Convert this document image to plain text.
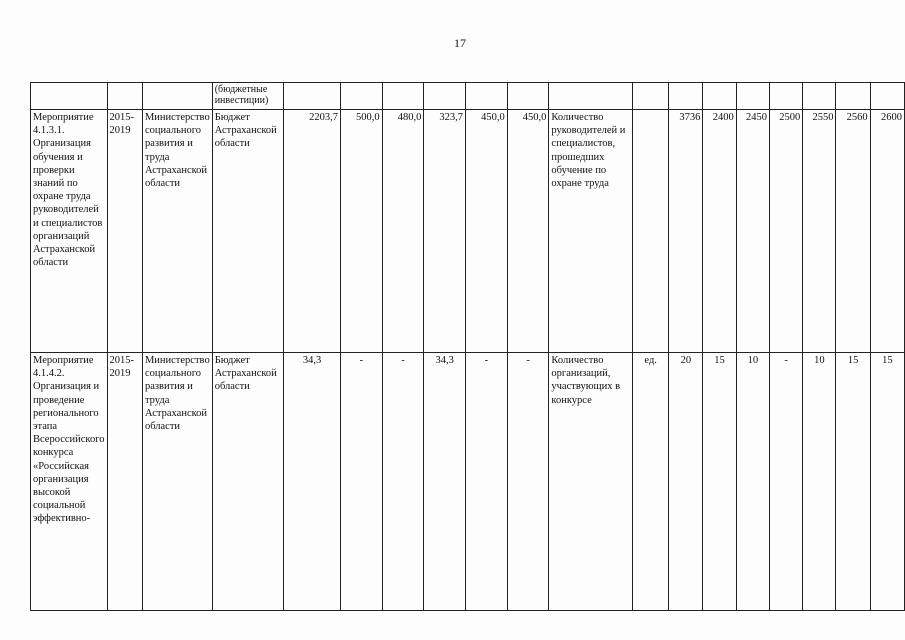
17
			(бюджетные инвестиции)															
Мероприятие 4.1.3.1. Организация обучения и проверки знаний по охране труда руководителей и специалистов организаций Астраханской области	2015-2019	Министерство социального развития и труда Астраханской области	Бюджет Астраханской области	2203,7	500,0	480,0	323,7	450,0	450,0	Количество руководителей и специалистов, прошедших обучение по охране труда		3736	2400	2450	2500	2550	2560	2600
Мероприятие 4.1.4.2. Организация и проведение регионального этапа Всероссийского конкурса «Российская организация высокой социальной эффективно-	2015-2019	Министерство социального развития и труда Астраханской области	Бюджет Астраханской области	34,3	-	-	34,3	-	-	Количество организаций, участвующих в конкурсе	ед.	20	15	10	-	10	15	15
